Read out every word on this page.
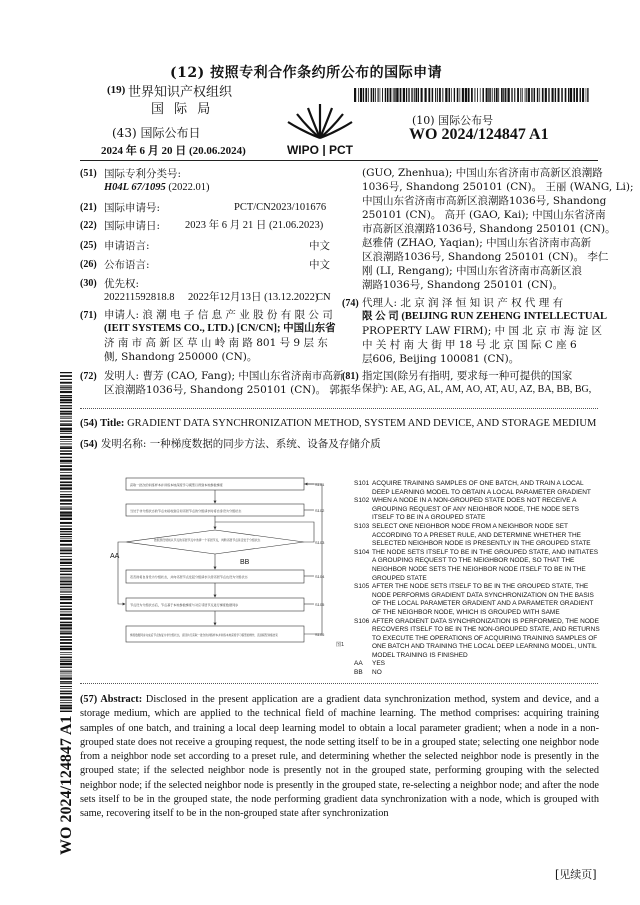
(12) 按照专利合作条约所公布的国际申请
(19) 世界知识产权组织
国 际 局
(43) 国际公布日
2024 年 6 月 20 日 (20.06.2024)	WIPO | PCT
(10) 国际公布号
WO 2024/124847 A1
WO 2024/124847 A1
(51) 国际专利分类号:
H04L 67/1095 (2022.01)
(21) 国际申请号:	PCT/CN2023/101676
(22) 国际申请日: 2023 年 6 月 21 日 (21.06.2023)
(25) 申请语言:	中文
(26) 公布语言:	中文
(30) 优先权:
202211592818.8 2022年12月13日 (13.12.2022)
CN
(71) 申请人: 浪 潮 电 子 信 息 产 业 股 份 有 限 公 司
(IEIT SYSTEMS CO., LTD.) [CN/CN]; 中国山东省
济 南 市 高 新 区 草 山 岭 南 路 801 号 9 层 东
侧, Shandong 250000 (CN)。
(72) 发明人: 曹芳 (CAO, Fang); 中国山东省济南市高新
区浪潮路1036号, Shandong 250101 (CN)。 郭振华
(GUO, Zhenhua); 中国山东省济南市高新区浪潮路
1036号, Shandong 250101 (CN)。 王丽 (WANG, Li);
中国山东省济南市高新区浪潮路1036号, Shandong
250101 (CN)。 高开 (GAO, Kai); 中国山东省济南
市高新区浪潮路1036号, Shandong 250101 (CN)。
赵雅倩 (ZHAO, Yaqian); 中国山东省济南市高新
区浪潮路1036号, Shandong 250101 (CN)。 李仁
刚 (LI, Rengang); 中国山东省济南市高新区浪
潮路1036号, Shandong 250101 (CN)。
(74) 代理人: 北 京 润 泽 恒 知 识 产 权 代 理 有
限 公 司 (BEIJING RUN ZEHENG INTELLECTUAL
PROPERTY LAW FIRM); 中 国 北 京 市 海 淀 区
中 关 村 南 大 街 甲 18 号 北 京 国 际 C 座 6
层606, Beijing 100081 (CN)。
(81) 指定国(除另有指明, 要求每一种可提供的国家
保护): AE, AG, AL, AM, AO, AT, AU, AZ, BA, BB, BG,
(54) Title: GRADIENT DATA SYNCHRONIZATION METHOD, SYSTEM AND DEVICE, AND STORAGE MEDIUM
(54) 发明名称: 一种梯度数据的同步方法、系统、设备及存储介质
获取一批次的训练样本并训练本地深度学习模型以得到本地参数梯度
当处于非分组状态的节点未接收到任何邻居节点的分组请求时将自身设为分组状态
按照预设规则从节点的邻居节点中选择一个邻居节点，判断邻居节点是否处于分组状态
若否则将自身设为分组状态，并向邻居节点发起分组请求以使邻居节点也设为分组状态
节点设为分组状态后，节点基于本地参数梯度与对应邻居节点进行梯度数据同步
梯度数据同步完成后节点恢复为非分组状态，返回执行获取一批次的训练样本并训练本地深度学习模型的操作，直到模型训练结束
S101
S102
S103
S104
S105
S106
AA
BB
图1
S101 ACQUIRE TRAINING SAMPLES OF ONE BATCH, AND TRAIN A LOCAL DEEP LEARNING MODEL TO OBTAIN A LOCAL PARAMETER GRADIENT
S102 WHEN A NODE IN A NON-GROUPED STATE DOES NOT RECEIVE A GROUPING REQUEST OF ANY NEIGHBOR NODE, THE NODE SETS ITSELF TO BE IN A GROUPED STATE
S103 SELECT ONE NEIGHBOR NODE FROM A NEIGHBOR NODE SET ACCORDING TO A PRESET RULE, AND DETERMINE WHETHER THE SELECTED NEIGHBOR NODE IS PRESENTLY IN THE GROUPED STATE
S104 THE NODE SETS ITSELF TO BE IN THE GROUPED STATE, AND INITIATES A GROUPING REQUEST TO THE NEIGHBOR NODE, SO THAT THE NEIGHBOR NODE SETS THE NEIGHBOR NODE ITSELF TO BE IN THE GROUPED STATE
S105 AFTER THE NODE SETS ITSELF TO BE IN THE GROUPED STATE, THE NODE PERFORMS GRADIENT DATA SYNCHRONIZATION ON THE BASIS OF THE LOCAL PARAMETER GRADIENT AND A PARAMETER GRADIENT OF THE NEIGHBOR NODE, WHICH IS GROUPED WITH SAME
S106 AFTER GRADIENT DATA SYNCHRONIZATION IS PERFORMED, THE NODE RECOVERS ITSELF TO BE IN THE NON-GROUPED STATE, AND RETURNS TO EXECUTE THE OPERATIONS OF ACQUIRING TRAINING SAMPLES OF ONE BATCH AND TRAINING THE LOCAL DEEP LEARNING MODEL, UNTIL MODEL TRAINING IS FINISHED
AA	YES
BB	NO
(57) Abstract: Disclosed in the present application are a gradient data synchronization method, system and device, and a storage medium, which are applied to the technical field of machine learning. The method comprises: acquiring training samples of one batch, and training a local deep learning model to obtain a local parameter gradient; when a node in a non-grouped state does not receive a grouping request, the node setting itself to be in a grouped state; selecting one neighbor node from a neighbor node set according to a preset rule, and determining whether the selected neighbor node is presently in the grouped state; if the selected neighbor node is presently not in the grouped state, performing grouping with the selected neighbor node; if the selected neighbor node is presently in the grouped state, re-selecting a neighbor node; and after the node sets itself to be in the grouped state, the node performing gradient data synchronization with a node, which is grouped with same, recovering itself to be in the non-grouped state after synchronization
[见续页]
